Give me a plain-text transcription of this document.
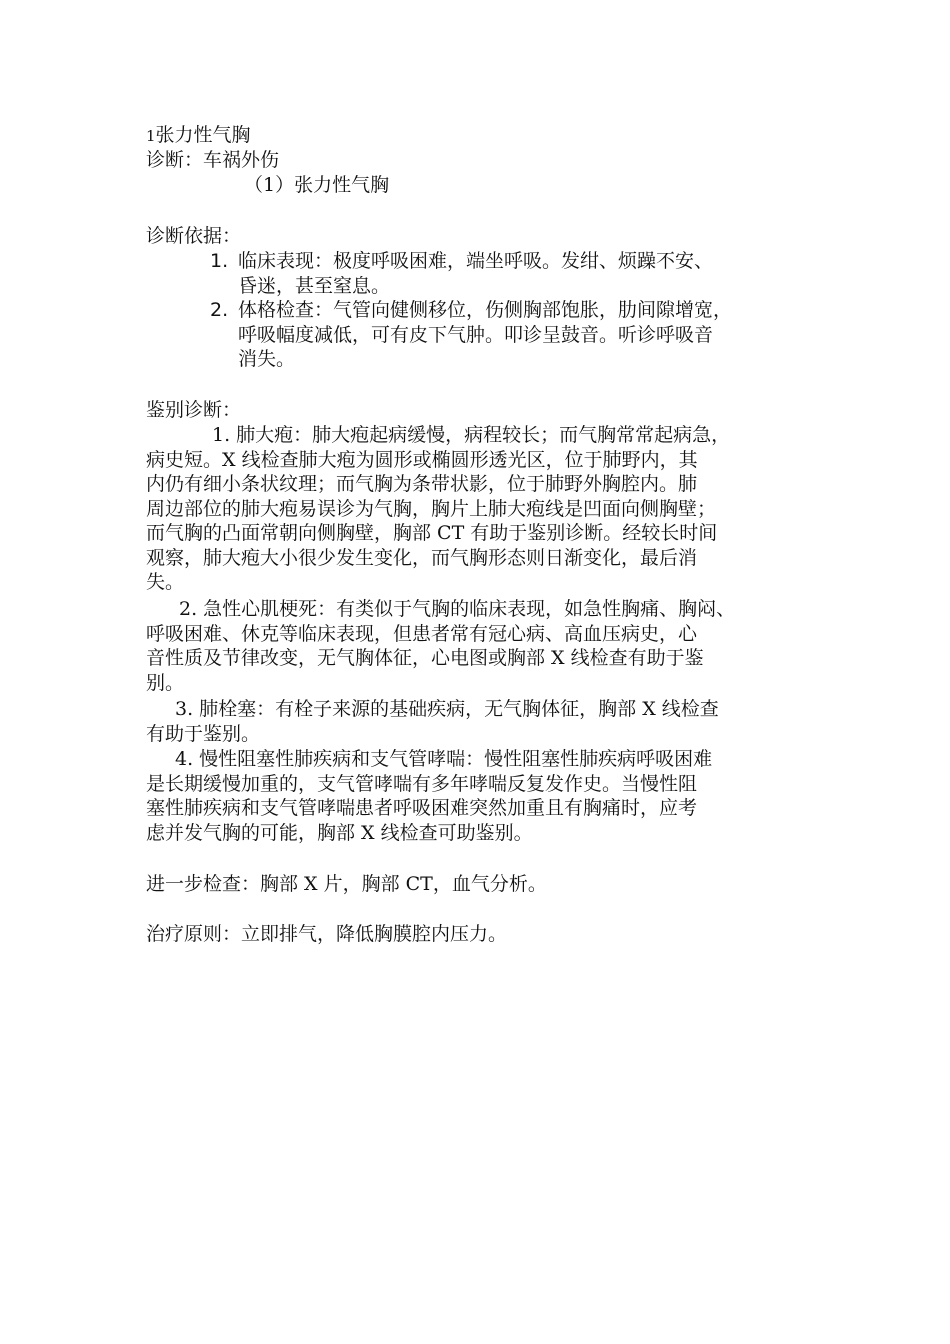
1张力性气胸
诊断：车祸外伤
（1）张力性气胸
诊断依据：
1. 临床表现：极度呼吸困难，端坐呼吸。发绀、烦躁不安、
昏迷，甚至窒息。
2. 体格检查：气管向健侧移位，伤侧胸部饱胀，肋间隙增宽，
呼吸幅度减低，可有皮下气肿。叩诊呈鼓音。听诊呼吸音
消失。
鉴别诊断：
1. 肺大疱：肺大疱起病缓慢，病程较长；而气胸常常起病急，
病史短。X 线检查肺大疱为圆形或椭圆形透光区，位于肺野内，其
内仍有细小条状纹理；而气胸为条带状影，位于肺野外胸腔内。肺
周边部位的肺大疱易误诊为气胸，胸片上肺大疱线是凹面向侧胸壁；
而气胸的凸面常朝向侧胸壁，胸部 CT 有助于鉴别诊断。经较长时间
观察，肺大疱大小很少发生变化，而气胸形态则日渐变化，最后消
失。
2. 急性心肌梗死：有类似于气胸的临床表现，如急性胸痛、胸闷、
呼吸困难、休克等临床表现，但患者常有冠心病、高血压病史，心
音性质及节律改变，无气胸体征，心电图或胸部 X 线检查有助于鉴
别。
3. 肺栓塞：有栓子来源的基础疾病，无气胸体征，胸部 X 线检查
有助于鉴别。
4. 慢性阻塞性肺疾病和支气管哮喘：慢性阻塞性肺疾病呼吸困难
是长期缓慢加重的，支气管哮喘有多年哮喘反复发作史。当慢性阻
塞性肺疾病和支气管哮喘患者呼吸困难突然加重且有胸痛时，应考
虑并发气胸的可能，胸部 X 线检查可助鉴别。
进一步检查：胸部 X 片，胸部 CT，血气分析。
治疗原则：立即排气，降低胸膜腔内压力。
